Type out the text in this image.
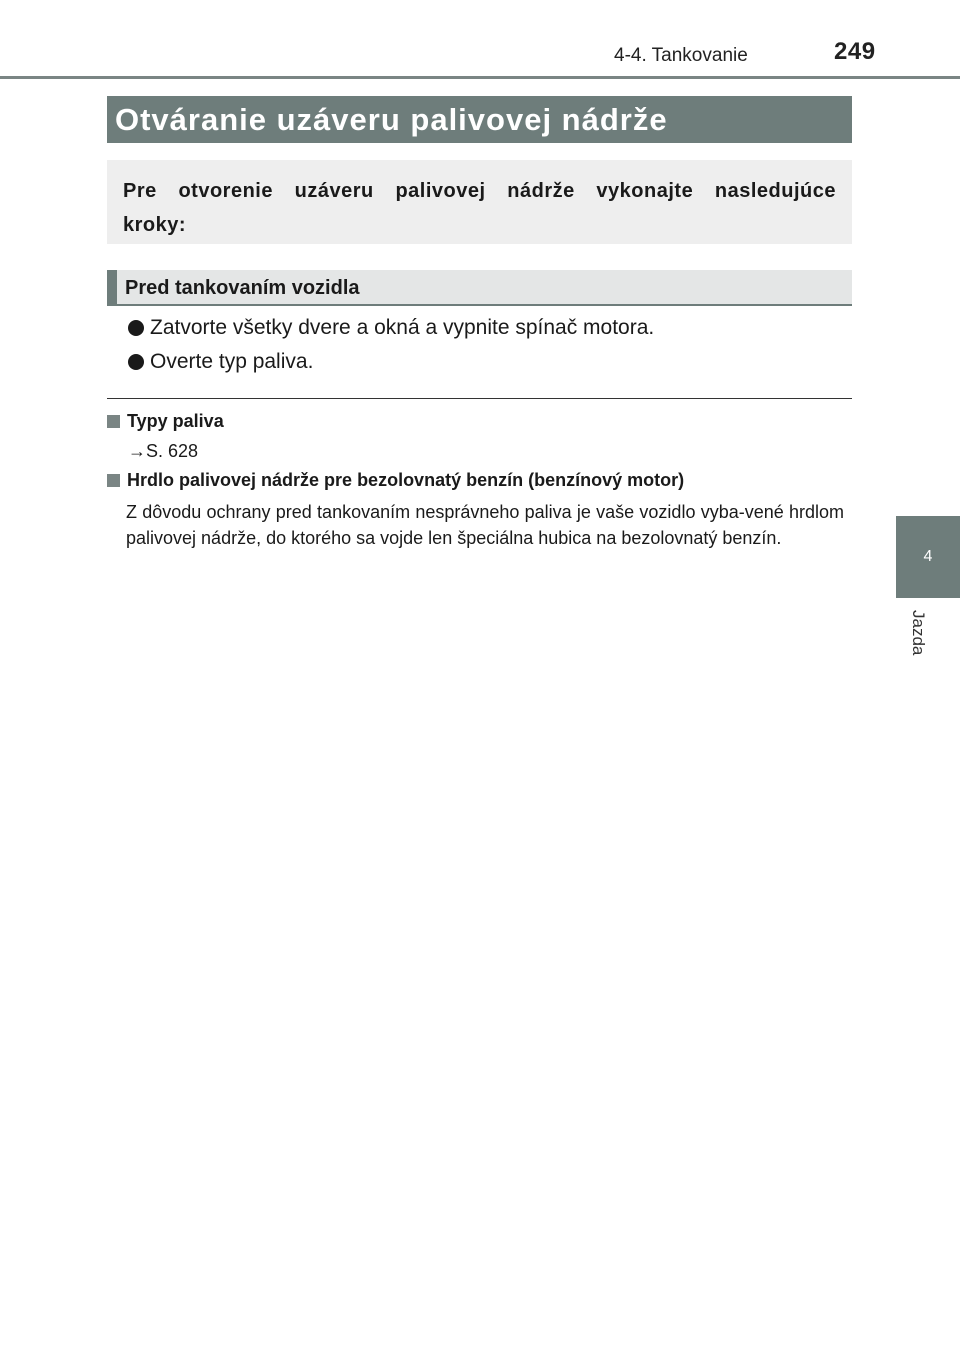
4-4. Tankovanie	249
4
Jazda
Otváranie uzáveru palivovej nádrže
Pre otvorenie uzáveru palivovej nádrže vykonajte nasledujúce kroky:
Pred tankovaním vozidla
Zatvorte všetky dvere a okná a vypnite spínač motora.
Overte typ paliva.
Typy paliva
→S. 628
Hrdlo palivovej nádrže pre bezolovnatý benzín (benzínový motor)
Z dôvodu ochrany pred tankovaním nesprávneho paliva je vaše vozidlo vyba-vené hrdlom palivovej nádrže, do ktorého sa vojde len špeciálna hubica na bezolovnatý benzín.
